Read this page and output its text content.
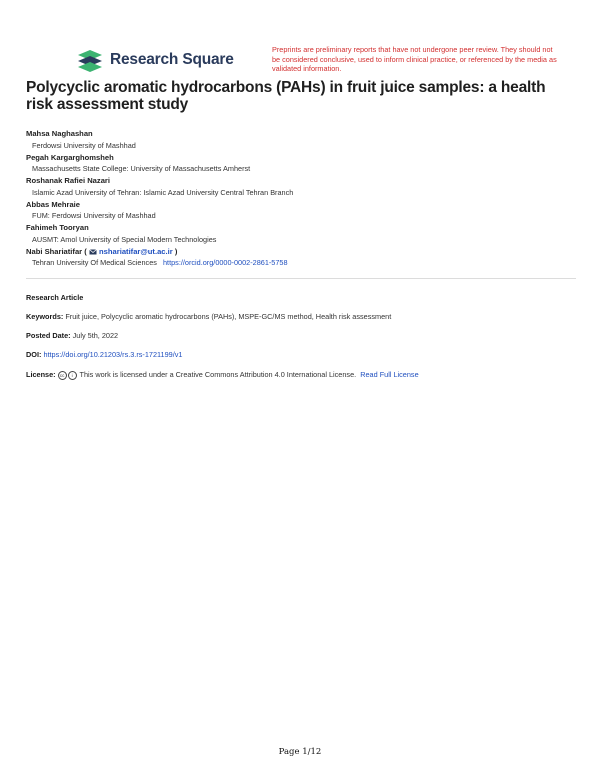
Research Square
Preprints are preliminary reports that have not undergone peer review. They should not be considered conclusive, used to inform clinical practice, or referenced by the media as validated information.
Polycyclic aromatic hydrocarbons (PAHs) in fruit juice samples: a health risk assessment study
Mahsa Naghashan
Ferdowsi University of Mashhad
Pegah Kargarghomsheh
Massachusetts State College: University of Massachusetts Amherst
Roshanak Rafiei Nazari
Islamic Azad University of Tehran: Islamic Azad University Central Tehran Branch
Abbas Mehraie
FUM: Ferdowsi University of Mashhad
Fahimeh Tooryan
AUSMT: Amol University of Special Modern Technologies
Nabi Shariatifar (  nshariatifar@ut.ac.ir )
Tehran University Of Medical Sciences https://orcid.org/0000-0002-2861-5758
Research Article
Keywords: Fruit juice, Polycyclic aromatic hydrocarbons (PAHs), MSPE-GC/MS method, Health risk assessment
Posted Date: July 5th, 2022
DOI: https://doi.org/10.21203/rs.3.rs-1721199/v1
License: cc i This work is licensed under a Creative Commons Attribution 4.0 International License. Read Full License
Page 1/12
